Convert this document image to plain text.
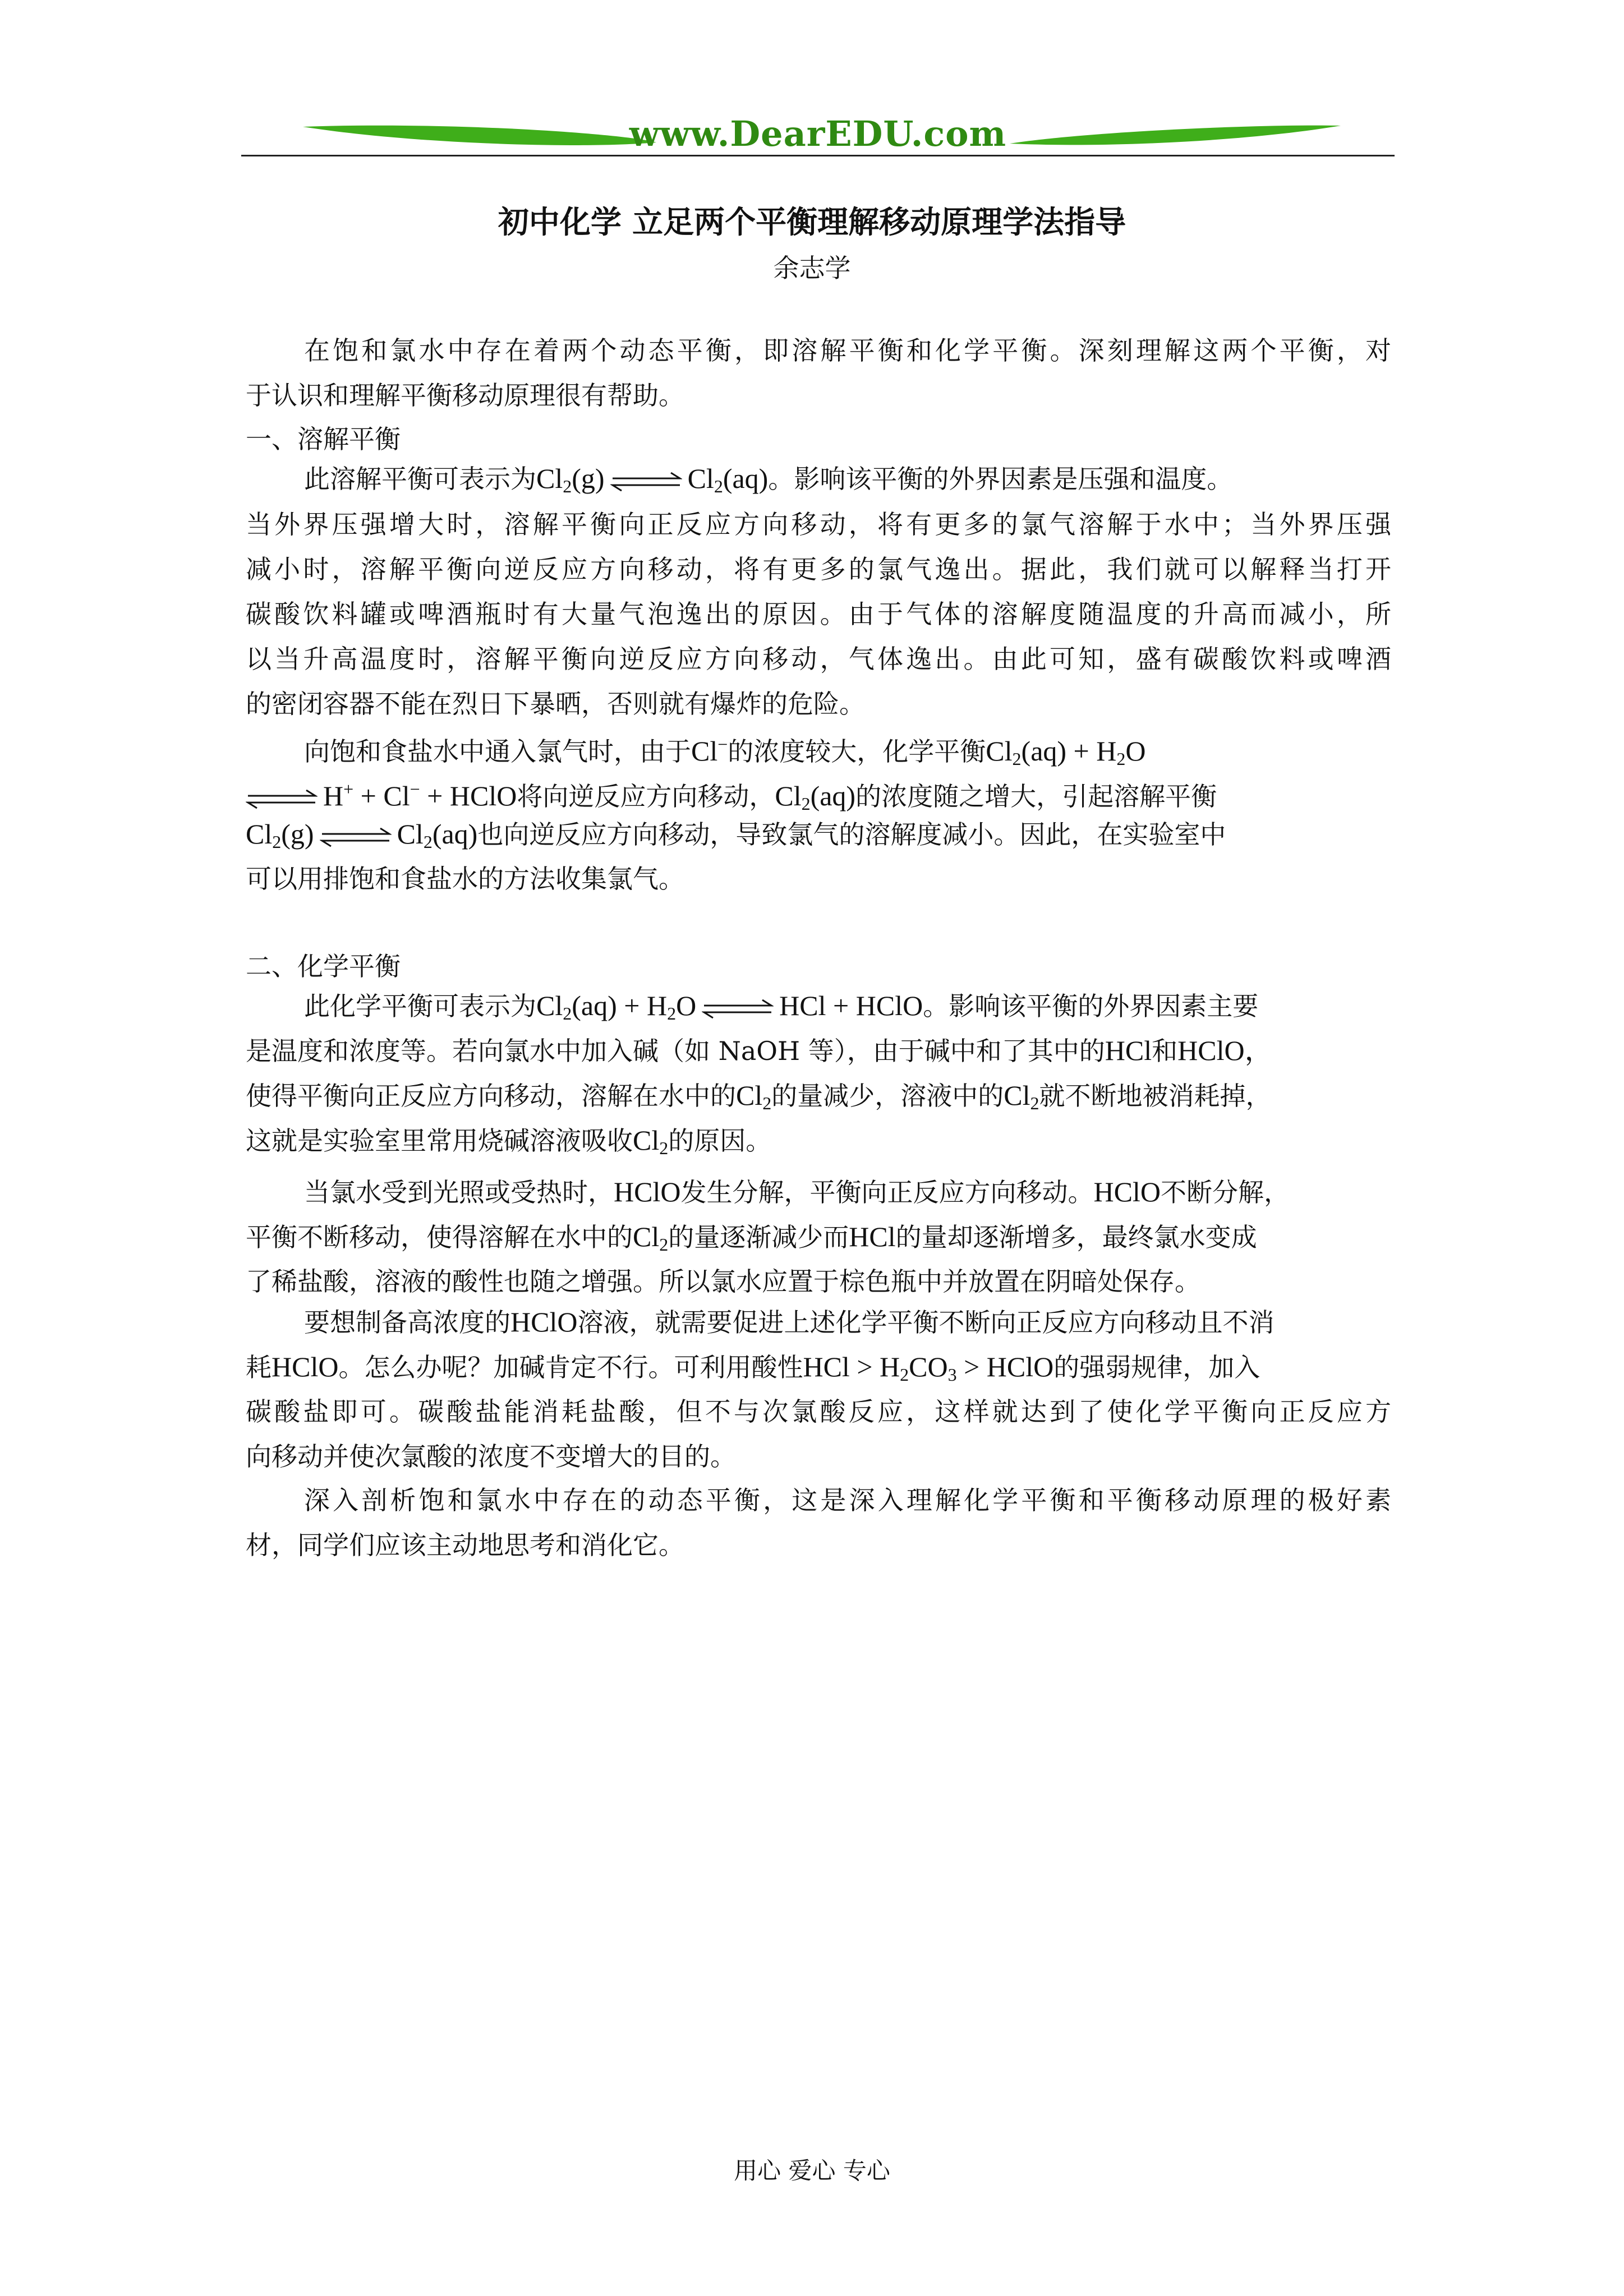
www.DearEDU.com
初中化学 立足两个平衡理解移动原理学法指导
余志学
在饱和氯水中存在着两个动态平衡，即溶解平衡和化学平衡。深刻理解这两个平衡，对
于认识和理解平衡移动原理很有帮助。
一、溶解平衡
此溶解平衡可表示为$Cl_2(g)$ ⇌ $Cl_2(aq)$。影响该平衡的外界因素是压强和温度。
当外界压强增大时，溶解平衡向正反应方向移动，将有更多的氯气溶解于水中；当外界压强
减小时，溶解平衡向逆反应方向移动，将有更多的氯气逸出。据此，我们就可以解释当打开
碳酸饮料罐或啤酒瓶时有大量气泡逸出的原因。由于气体的溶解度随温度的升高而减小，所
以当升高温度时，溶解平衡向逆反应方向移动，气体逸出。由此可知，盛有碳酸饮料或啤酒
的密闭容器不能在烈日下暴晒，否则就有爆炸的危险。
向饱和食盐水中通入氯气时，由于Cl−的浓度较大，化学平衡$Cl_2(aq) + H_2O$
⇌ H+ + Cl− + HClO将向逆反应方向移动，$Cl_2(aq)$的浓度随之增大，引起溶解平衡
$Cl_2(g)$ ⇌ $Cl_2(aq)$也向逆反应方向移动，导致氯气的溶解度减小。因此，在实验室中
可以用排饱和食盐水的方法收集氯气。
二、化学平衡
此化学平衡可表示为$Cl_2(aq) + H_2O$ ⇌ HCl + HClO。影响该平衡的外界因素主要
是温度和浓度等。若向氯水中加入碱（如 NaOH 等），由于碱中和了其中的HCl和HClO，
使得平衡向正反应方向移动，溶解在水中的$Cl_2$的量减少，溶液中的$Cl_2$就不断地被消耗掉，
这就是实验室里常用烧碱溶液吸收$Cl_2$的原因。
当氯水受到光照或受热时，HClO发生分解，平衡向正反应方向移动。HClO不断分解，
平衡不断移动，使得溶解在水中的$Cl_2$的量逐渐减少而HCl的量却逐渐增多，最终氯水变成
了稀盐酸，溶液的酸性也随之增强。所以氯水应置于棕色瓶中并放置在阴暗处保存。
要想制备高浓度的HClO溶液，就需要促进上述化学平衡不断向正反应方向移动且不消
耗HClO。怎么办呢？加碱肯定不行。可利用酸性HCl > $H_2CO_3$ > HClO的强弱规律，加入
碳酸盐即可。碳酸盐能消耗盐酸，但不与次氯酸反应，这样就达到了使化学平衡向正反应方
向移动并使次氯酸的浓度不变增大的目的。
深入剖析饱和氯水中存在的动态平衡，这是深入理解化学平衡和平衡移动原理的极好素
材，同学们应该主动地思考和消化它。
用心 爱心 专心
